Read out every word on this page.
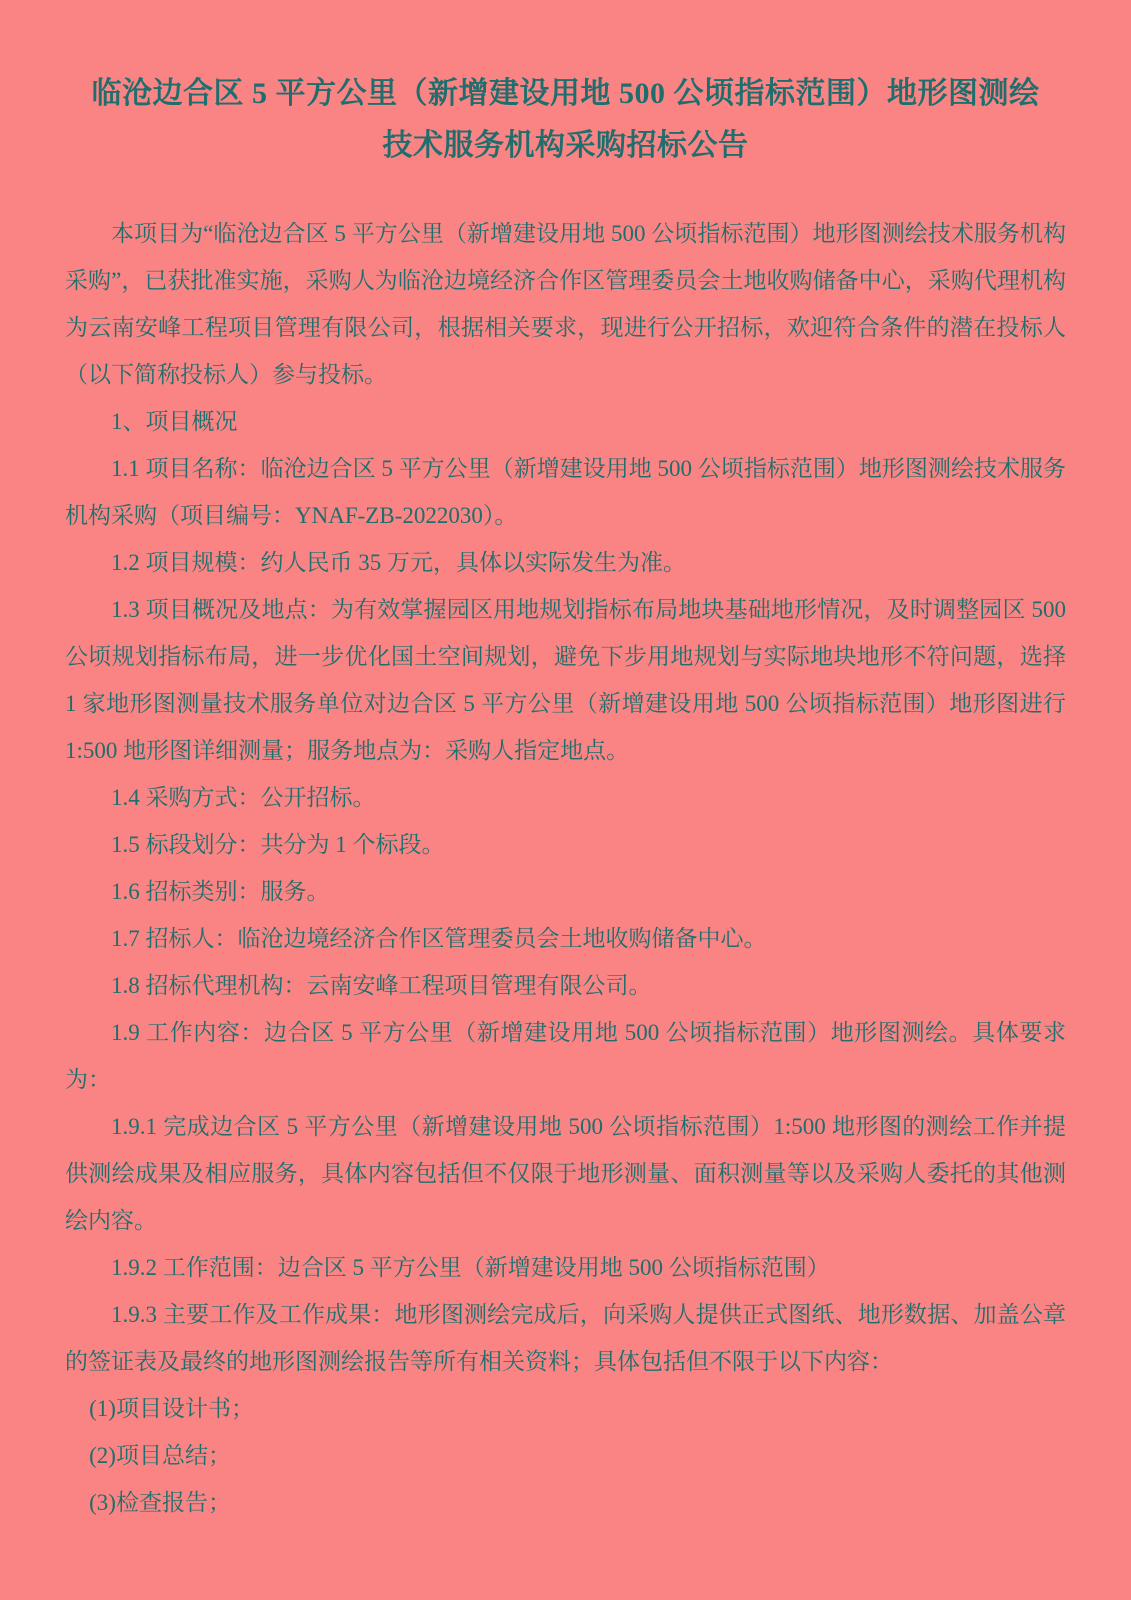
临沧边合区 5 平方公里（新增建设用地 500 公顷指标范围）地形图测绘技术服务机构采购招标公告

本项目为“临沧边合区 5 平方公里（新增建设用地 500 公顷指标范围）地形图测绘技术服务机构采购”，已获批准实施，采购人为临沧边境经济合作区管理委员会土地收购储备中心，采购代理机构为云南安峰工程项目管理有限公司，根据相关要求，现进行公开招标，欢迎符合条件的潜在投标人（以下简称投标人）参与投标。

1、项目概况

1.1 项目名称：临沧边合区 5 平方公里（新增建设用地 500 公顷指标范围）地形图测绘技术服务机构采购（项目编号：YNAF-ZB-2022030）。

1.2 项目规模：约人民币 35 万元，具体以实际发生为准。

1.3 项目概况及地点：为有效掌握园区用地规划指标布局地块基础地形情况，及时调整园区 500 公顷规划指标布局，进一步优化国土空间规划，避免下步用地规划与实际地块地形不符问题，选择 1 家地形图测量技术服务单位对边合区 5 平方公里（新增建设用地 500 公顷指标范围）地形图进行 1:500 地形图详细测量；服务地点为：采购人指定地点。

1.4 采购方式：公开招标。

1.5 标段划分：共分为 1 个标段。

1.6 招标类别：服务。

1.7 招标人：临沧边境经济合作区管理委员会土地收购储备中心。

1.8 招标代理机构：云南安峰工程项目管理有限公司。

1.9 工作内容：边合区 5 平方公里（新增建设用地 500 公顷指标范围）地形图测绘。具体要求为：

1.9.1 完成边合区 5 平方公里（新增建设用地 500 公顷指标范围）1:500 地形图的测绘工作并提供测绘成果及相应服务，具体内容包括但不仅限于地形测量、面积测量等以及采购人委托的其他测绘内容。

1.9.2 工作范围：边合区 5 平方公里（新增建设用地 500 公顷指标范围）

1.9.3 主要工作及工作成果：地形图测绘完成后，向采购人提供正式图纸、地形数据、加盖公章的签证表及最终的地形图测绘报告等所有相关资料；具体包括但不限于以下内容：

(1)项目设计书；

(2)项目总结；

(3)检查报告；
